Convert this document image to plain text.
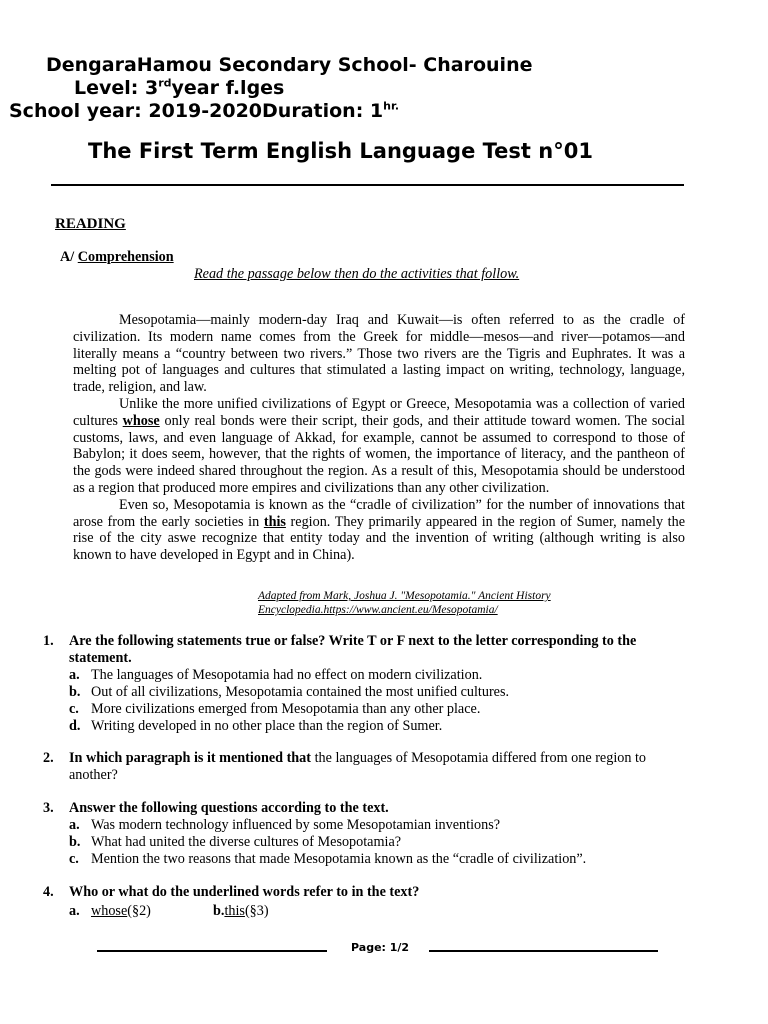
DengaraHamou Secondary School- Charouine
Level: 3rdyear f.lges
School year: 2019-2020Duration: $1^{hr.}$
The First Term English Language Test n°01
READING
A/ Comprehension
Read the passage below then do the activities that follow.

Mesopotamia—mainly modern-day Iraq and Kuwait—is often referred to as the cradle of civilization. Its modern name comes from the Greek for middle—mesos—and river—potamos—and literally means a “country between two rivers.” Those two rivers are the Tigris and Euphrates. It was a melting pot of languages and cultures that stimulated a lasting impact on writing, technology, language, trade, religion, and law.

Unlike the more unified civilizations of Egypt or Greece, Mesopotamia was a collection of varied cultures whose only real bonds were their script, their gods, and their attitude toward women. The social customs, laws, and even language of Akkad, for example, cannot be assumed to correspond to those of Babylon; it does seem, however, that the rights of women, the importance of literacy, and the pantheon of the gods were indeed shared throughout the region. As a result of this, Mesopotamia should be understood as a region that produced more empires and civilizations than any other civilization.

Even so, Mesopotamia is known as the “cradle of civilization” for the number of innovations that arose from the early societies in this region. They primarily appeared in the region of Sumer, namely the rise of the city aswe recognize that entity today and the invention of writing (although writing is also known to have developed in Egypt and in China).

Adapted from Mark, Joshua J. "Mesopotamia." Ancient History
Encyclopedia.https://www.ancient.eu/Mesopotamia/
1. Are the following statements true or false? Write T or F next to the letter corresponding to the statement.
a. The languages of Mesopotamia had no effect on modern civilization.
b. Out of all civilizations, Mesopotamia contained the most unified cultures.
c. More civilizations emerged from Mesopotamia than any other place.
d. Writing developed in no other place than the region of Sumer.
2. In which paragraph is it mentioned that the languages of Mesopotamia differed from one region to another?
3. Answer the following questions according to the text.
a. Was modern technology influenced by some Mesopotamian inventions?
b. What had united the diverse cultures of Mesopotamia?
c. Mention the two reasons that made Mesopotamia known as the “cradle of civilization”.
4. Who or what do the underlined words refer to in the text?
a. whose(§2)	b.this(§3)
Page: 1/2
